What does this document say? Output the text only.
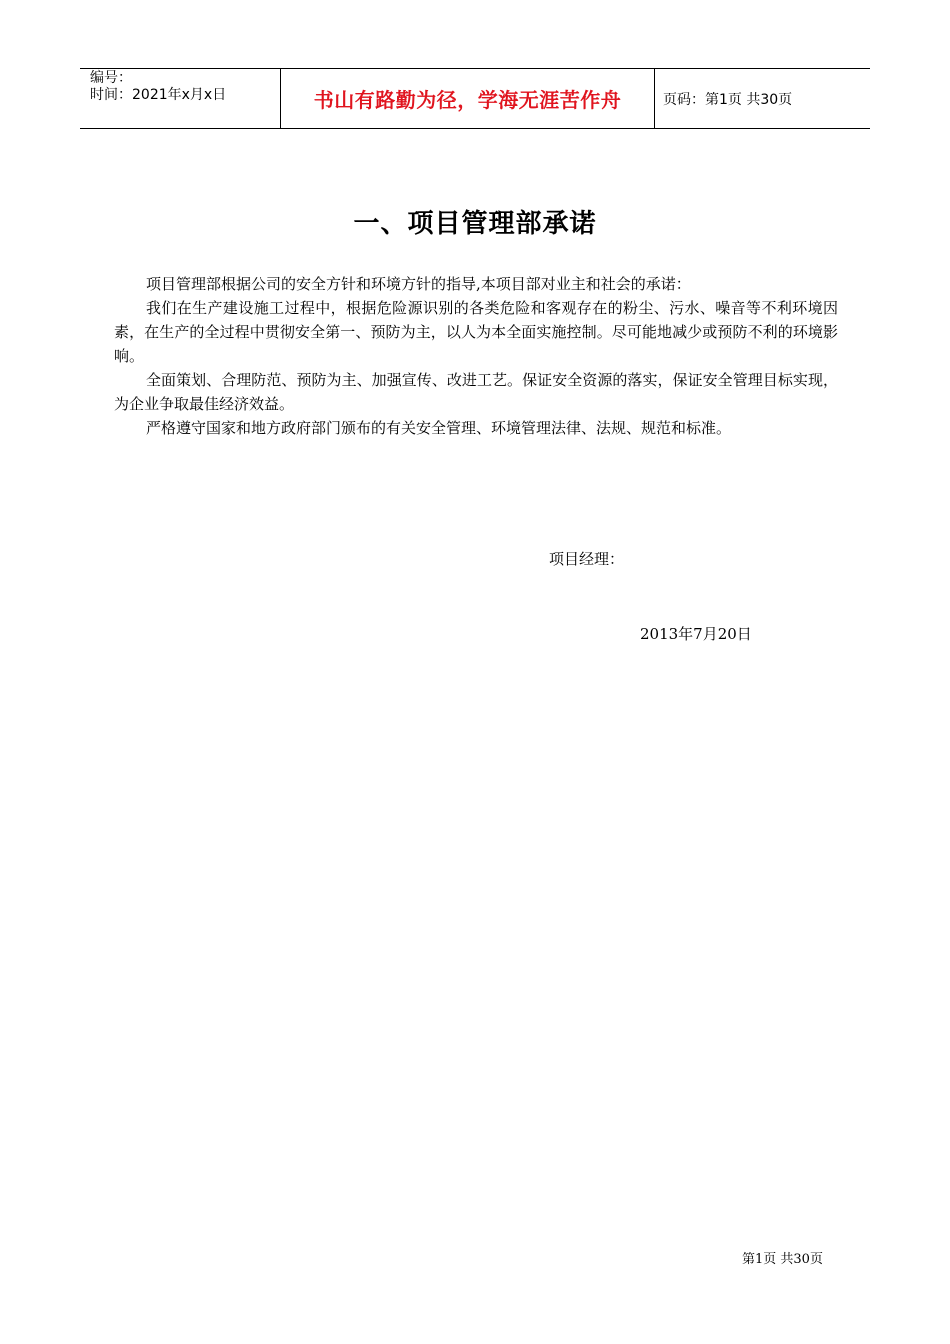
编号：
时间：2021年x月x日	书山有路勤为径，学海无涯苦作舟	页码：第1页 共30页
一、项目管理部承诺

项目管理部根据公司的安全方针和环境方针的指导,本项目部对业主和社会的承诺：

我们在生产建设施工过程中，根据危险源识别的各类危险和客观存在的粉尘、污水、噪音等不利环境因素，在生产的全过程中贯彻安全第一、预防为主，以人为本全面实施控制。尽可能地减少或预防不利的环境影响。

全面策划、合理防范、预防为主、加强宣传、改进工艺。保证安全资源的落实，保证安全管理目标实现，为企业争取最佳经济效益。

严格遵守国家和地方政府部门颁布的有关安全管理、环境管理法律、法规、规范和标准。

项目经理：
2013年7月20日
第1页 共30页
